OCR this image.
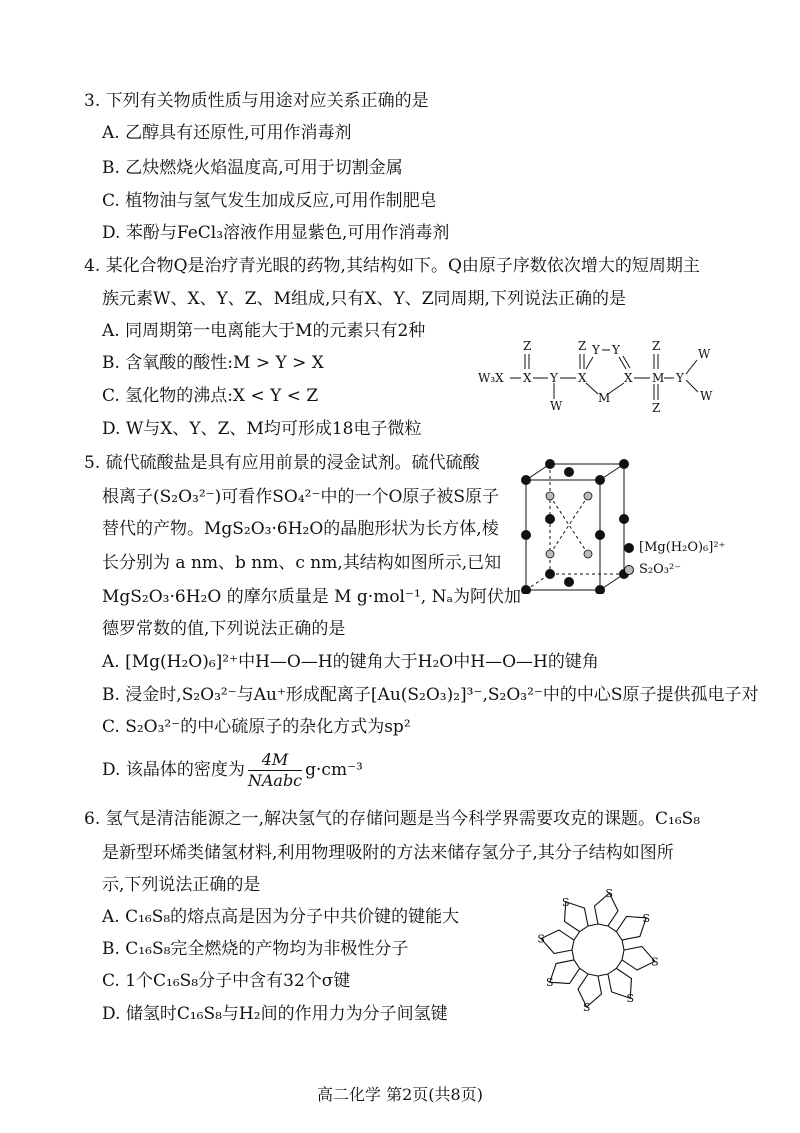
3. 下列有关物质性质与用途对应关系正确的是
A. 乙醇具有还原性,可用作消毒剂
B. 乙炔燃烧火焰温度高,可用于切割金属
C. 植物油与氢气发生加成反应,可用作制肥皂
D. 苯酚与FeCl₃溶液作用显紫色,可用作消毒剂
4. 某化合物Q是治疗青光眼的药物,其结构如下。Q由原子序数依次增大的短周期主
族元素W、X、Y、Z、M组成,只有X、Y、Z同周期,下列说法正确的是
A. 同周期第一电离能大于M的元素只有2种
B. 含氧酸的酸性:M > Y > X
C. 氢化物的沸点:X < Y < Z
D. W与X、Y、Z、M均可形成18电子微粒
W₃X X
Z
Y
W
X
Z Y Y
X
M
M
Z
Z
Y
W
W
5. 硫代硫酸盐是具有应用前景的浸金试剂。硫代硫酸
根离子(S₂O₃²⁻)可看作SO₄²⁻中的一个O原子被S原子
替代的产物。MgS₂O₃·6H₂O的晶胞形状为长方体,棱
长分别为 a nm、b nm、c nm,其结构如图所示,已知
MgS₂O₃·6H₂O 的摩尔质量是 M g·mol⁻¹, Nₐ为阿伏加
德罗常数的值,下列说法正确的是
[Mg(H₂O)₆]²⁺
S₂O₃²⁻
A. [Mg(H₂O)₆]²⁺中H—O—H的键角大于H₂O中H—O—H的键角
B. 浸金时,S₂O₃²⁻与Au⁺形成配离子[Au(S₂O₃)₂]³⁻,S₂O₃²⁻中的中心S原子提供孤电子对
C. S₂O₃²⁻的中心硫原子的杂化方式为sp²
D. 该晶体的密度为 $\frac{4M}{\text{NAabc}} g\cdot cm^{-3}$
6. 氢气是清洁能源之一,解决氢气的存储问题是当今科学界需要攻克的课题。C₁₆S₈
是新型环烯类储氢材料,利用物理吸附的方法来储存氢分子,其分子结构如图所
示,下列说法正确的是
A. C₁₆S₈的熔点高是因为分子中共价键的键能大
B. C₁₆S₈完全燃烧的产物均为非极性分子
C. 1个C₁₆S₈分子中含有32个σ键
D. 储氢时C₁₆S₈与H₂间的作用力为分子间氢键
S
S
S
S
S
S
S
S
高二化学 第2页(共8页)
